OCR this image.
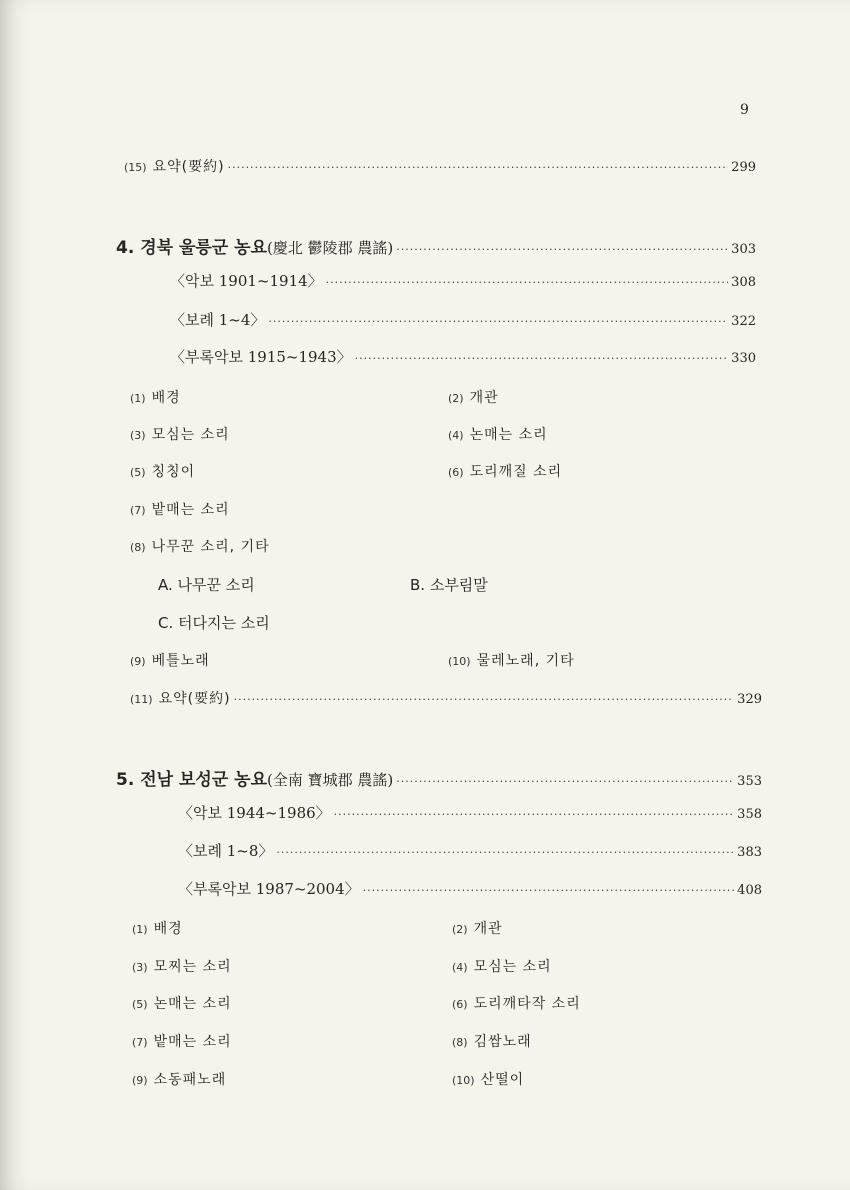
9
(15) 요약(要約) ·····	299
4. 경북 울릉군 농요 (慶北 鬱陵郡 農謠) ·····	303
〈악보 1901~1914〉 ·····	308
〈보례 1~4〉 ·····	322
〈부록악보 1915~1943〉 ·····	330
(1) 배경	(2) 개관
(3) 모심는 소리	(4) 논매는 소리
(5) 칭칭이	(6) 도리깨질 소리
(7) 밭매는 소리
(8) 나무꾼 소리, 기타
A. 나무꾼 소리	B. 소부림말
C. 터다지는 소리
(9) 베틀노래	(10) 물레노래, 기타
(11) 요약(要約) ·····	329
5. 전남 보성군 농요 (全南 寶城郡 農謠) ·····	353
〈악보 1944~1986〉 ·····	358
〈보례 1~8〉 ·····	383
〈부록악보 1987~2004〉 ·····	408
(1) 배경	(2) 개관
(3) 모찌는 소리	(4) 모심는 소리
(5) 논매는 소리	(6) 도리깨타작 소리
(7) 밭매는 소리	(8) 김쌈노래
(9) 소동패노래	(10) 산떨이
